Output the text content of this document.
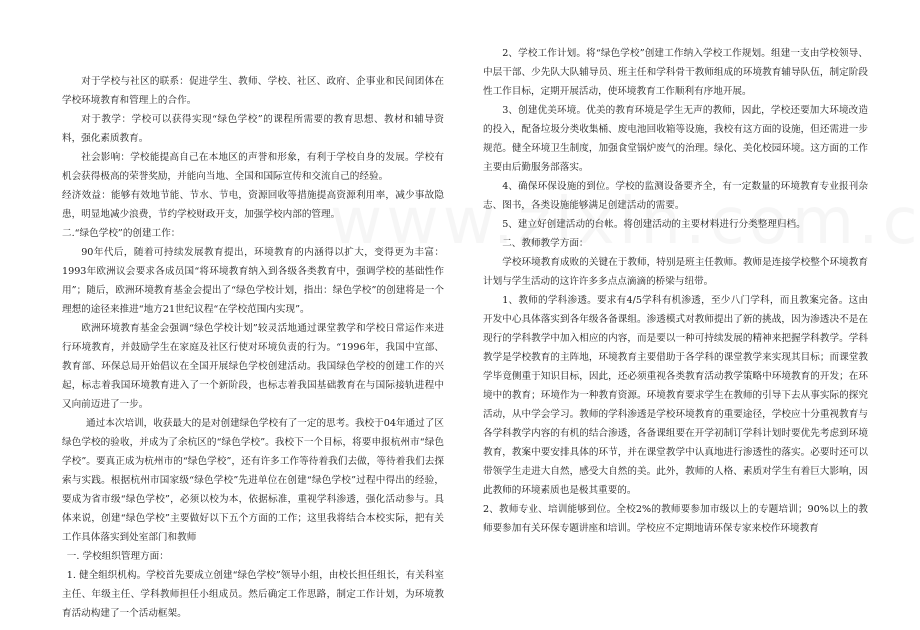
对于学校与社区的联系：促进学生、教师、学校、社区、政府、企事业和民间团体在学校环境教育和管理上的合作。

对于教学：学校可以获得实现“绿色学校”的课程所需要的教育思想、教材和辅导资料，强化素质教育。

社会影响：学校能提高自己在本地区的声誉和形象，有利于学校自身的发展。学校有机会获得极高的荣誉奖励，并能向当地、全国和国际宣传和交流自己的经验。

经济效益：能够有效地节能、节水、节电，资源回收等措施提高资源利用率，减少事故隐患，明显地减少浪费，节约学校财政开支，加强学校内部的管理。

二.“绿色学校”的创建工作：

90年代后，随着可持续发展教育提出，环境教育的内涵得以扩大，变得更为丰富：1993年欧洲议会要求各成员国“将环境教育纳入到各级各类教育中，强调学校的基础性作用”；随后，欧洲环境教育基金会提出了“绿色学校计划，指出：绿色学校”的创建将是一个理想的途径来推进“地方21世纪议程“在学校范围内实现”。

欧洲环境教育基金会强调“绿色学校计划”较灵活地通过课堂教学和学校日常运作来进行环境教育，并鼓励学生在家庭及社区行使对环境负责的行为。“1996年，我国中宣部、教育部、环保总局开始倡议在全国开展绿色学校创建活动。我国绿色学校的创建工作的兴起，标志着我国环境教育进入了一个新阶段，也标志着我国基础教育在与国际接轨进程中又向前迈进了一步。

通过本次培训，收获最大的是对创建绿色学校有了一定的思考。我校于04年通过了区绿色学校的验收，并成为了余杭区的“绿色学校”。我校下一个目标，将要申报杭州市“绿色学校”。要真正成为杭州市的“绿色学校”，还有许多工作等待着我们去做，等待着我们去探索与实践。根据杭州市国家级“绿色学校”先进单位在创建“绿色学校”过程中得出的经验，要成为省市级“绿色学校”，必须以校为本，依据标准，重视学科渗透，强化活动参与。具体来说，创建“绿色学校”主要做好以下五个方面的工作；这里我将结合本校实际，把有关工作具体落实到处室部门和教师

一. 学校组织管理方面：

1. 健全组织机构。学校首先要成立创建“绿色学校”领导小组，由校长担任组长，有关科室主任、年级主任、学科教师担任小组成员。然后确定工作思路，制定工作计划，为环境教育活动构建了一个活动框架。

2、学校工作计划。将“绿色学校”创建工作纳入学校工作规划。组建一支由学校领导、中层干部、少先队大队辅导员、班主任和学科骨干教师组成的环境教育辅导队伍，制定阶段性工作目标，定期开展活动，使环境教育工作顺利有序地开展。

3、创建优美环境。优美的教育环境是学生无声的教师，因此，学校还要加大环境改造的投入，配备垃圾分类收集桶、废电池回收箱等设施，我校有这方面的设施，但还需进一步规范。健全环境卫生制度，加强食堂锅炉废气的治理。绿化、美化校园环境。这方面的工作主要由后勤服务部落实。

4、确保环保设施的到位。学校的监测设备要齐全，有一定数量的环境教育专业报刊杂志、图书，各类设施能够满足创建活动的需要。

5、建立好创建活动的台帐。将创建活动的主要材料进行分类整理归档。

二、教师教学方面：

学校环境教育成败的关键在于教师，特别是班主任教师。教师是连接学校整个环境教育计划与学生活动的这许许多多点点滴滴的桥梁与纽带。

1、教师的学科渗透。要求有4/5学科有机渗透，至少八门学科，而且教案完备。这由开发中心具体落实到各年级各备课组。渗透模式对教师提出了新的挑战，因为渗透决不是在现行的学科教学中加入相应的内容，而是要以一种可持续发展的精神来把握学科教学。学科教学是学校教育的主阵地，环境教育主要借助于各学科的课堂教学来实现其目标；而课堂教学毕竟侧重于知识目标，因此，还必须重视各类教育活动教学策略中环境教育的开发；在环境中的教育；环境作为一种教育资源。环境教育要求学生在教师的引导下去从事实际的探究活动，从中学会学习。教师的学科渗透是学校环境教育的重要途径，学校应十分重视教育与各学科教学内容的有机的结合渗透，各备课组要在开学初制订学科计划时要优先考虑到环境教育，教案中要安排具体的环节，并在课堂教学中认真地进行渗透性的落实。必要时还可以带领学生走进大自然，感受大自然的美。此外，教师的人格、素质对学生有着巨大影响，因此教师的环境素质也是极其重要的。

2、教师专业、培训能够到位。全校2%的教师要参加市级以上的专题培训；90%以上的教师要参加有关环保专题讲座和培训。学校应不定期地请环保专家来校作环境教育
